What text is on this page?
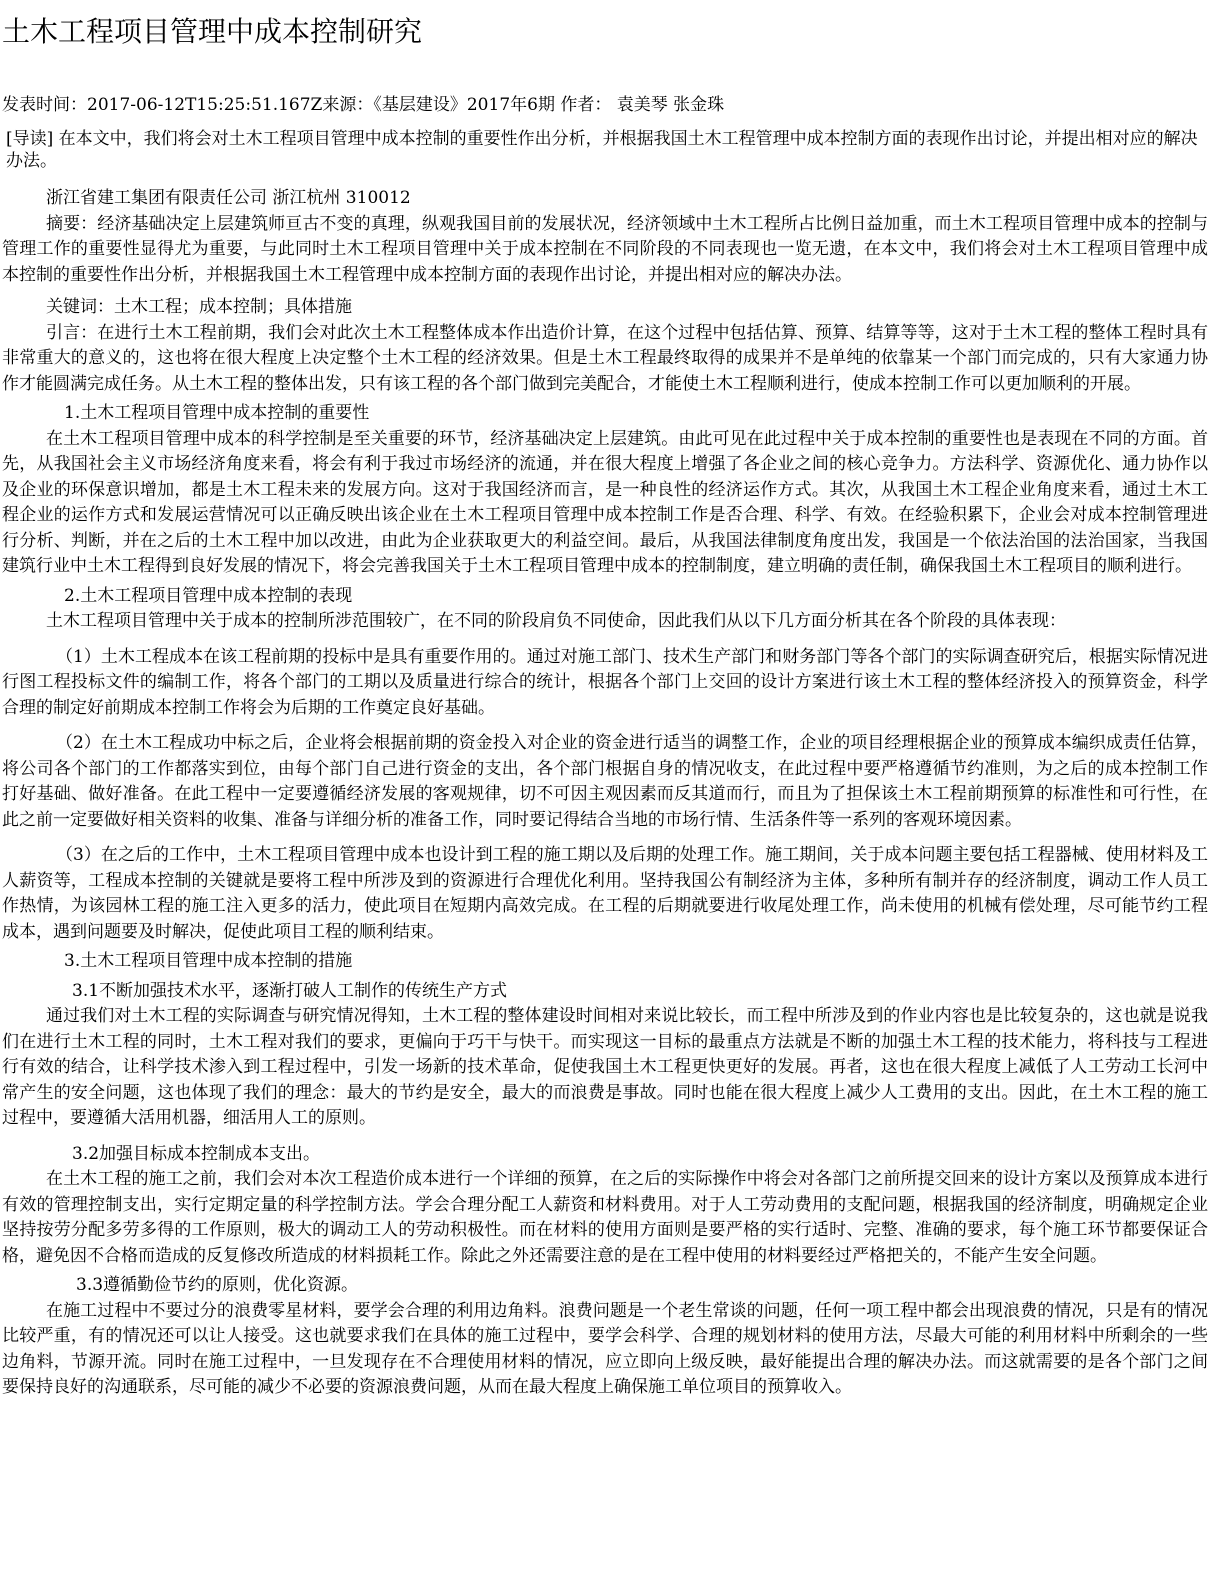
土木工程项目管理中成本控制研究
发表时间：2017-06-12T15:25:51.167Z来源：《基层建设》2017年6期 作者： 袁美琴 张金珠
[导读] 在本文中，我们将会对土木工程项目管理中成本控制的重要性作出分析，并根据我国土木工程管理中成本控制方面的表现作出讨论，并提出相对应的解决办法。

浙江省建工集团有限责任公司 浙江杭州 310012

摘要：经济基础决定上层建筑师亘古不变的真理，纵观我国目前的发展状况，经济领域中土木工程所占比例日益加重，而土木工程项目管理中成本的控制与管理工作的重要性显得尤为重要，与此同时土木工程项目管理中关于成本控制在不同阶段的不同表现也一览无遗，在本文中，我们将会对土木工程项目管理中成本控制的重要性作出分析，并根据我国土木工程管理中成本控制方面的表现作出讨论，并提出相对应的解决办法。

关键词：土木工程；成本控制；具体措施

引言：在进行土木工程前期，我们会对此次土木工程整体成本作出造价计算，在这个过程中包括估算、预算、结算等等，这对于土木工程的整体工程时具有非常重大的意义的，这也将在很大程度上决定整个土木工程的经济效果。但是土木工程最终取得的成果并不是单纯的依靠某一个部门而完成的，只有大家通力协作才能圆满完成任务。从土木工程的整体出发，只有该工程的各个部门做到完美配合，才能使土木工程顺利进行，使成本控制工作可以更加顺利的开展。

1.土木工程项目管理中成本控制的重要性

在土木工程项目管理中成本的科学控制是至关重要的环节，经济基础决定上层建筑。由此可见在此过程中关于成本控制的重要性也是表现在不同的方面。首先，从我国社会主义市场经济角度来看，将会有利于我过市场经济的流通，并在很大程度上增强了各企业之间的核心竞争力。方法科学、资源优化、通力协作以及企业的环保意识增加，都是土木工程未来的发展方向。这对于我国经济而言，是一种良性的经济运作方式。其次，从我国土木工程企业角度来看，通过土木工程企业的运作方式和发展运营情况可以正确反映出该企业在土木工程项目管理中成本控制工作是否合理、科学、有效。在经验积累下，企业会对成本控制管理进行分析、判断，并在之后的土木工程中加以改进，由此为企业获取更大的利益空间。最后，从我国法律制度角度出发，我国是一个依法治国的法治国家，当我国建筑行业中土木工程得到良好发展的情况下，将会完善我国关于土木工程项目管理中成本的控制制度，建立明确的责任制，确保我国土木工程项目的顺利进行。

2.土木工程项目管理中成本控制的表现

土木工程项目管理中关于成本的控制所涉范围较广，在不同的阶段肩负不同使命，因此我们从以下几方面分析其在各个阶段的具体表现：

（1）土木工程成本在该工程前期的投标中是具有重要作用的。通过对施工部门、技术生产部门和财务部门等各个部门的实际调查研究后，根据实际情况进行图工程投标文件的编制工作，将各个部门的工期以及质量进行综合的统计，根据各个部门上交回的设计方案进行该土木工程的整体经济投入的预算资金，科学合理的制定好前期成本控制工作将会为后期的工作奠定良好基础。

（2）在土木工程成功中标之后，企业将会根据前期的资金投入对企业的资金进行适当的调整工作，企业的项目经理根据企业的预算成本编织成责任估算，将公司各个部门的工作都落实到位，由每个部门自己进行资金的支出，各个部门根据自身的情况收支，在此过程中要严格遵循节约准则，为之后的成本控制工作打好基础、做好准备。在此工程中一定要遵循经济发展的客观规律，切不可因主观因素而反其道而行，而且为了担保该土木工程前期预算的标准性和可行性，在此之前一定要做好相关资料的收集、准备与详细分析的准备工作，同时要记得结合当地的市场行情、生活条件等一系列的客观环境因素。

（3）在之后的工作中，土木工程项目管理中成本也设计到工程的施工期以及后期的处理工作。施工期间，关于成本问题主要包括工程器械、使用材料及工人薪资等，工程成本控制的关键就是要将工程中所涉及到的资源进行合理优化利用。坚持我国公有制经济为主体，多种所有制并存的经济制度，调动工作人员工作热情，为该园林工程的施工注入更多的活力，使此项目在短期内高效完成。在工程的后期就要进行收尾处理工作，尚未使用的机械有偿处理，尽可能节约工程成本，遇到问题要及时解决，促使此项目工程的顺利结束。

3.土木工程项目管理中成本控制的措施
3.1不断加强技术水平，逐渐打破人工制作的传统生产方式

通过我们对土木工程的实际调查与研究情况得知，土木工程的整体建设时间相对来说比较长，而工程中所涉及到的作业内容也是比较复杂的，这也就是说我们在进行土木工程的同时，土木工程对我们的要求，更偏向于巧干与快干。而实现这一目标的最重点方法就是不断的加强土木工程的技术能力，将科技与工程进行有效的结合，让科学技术渗入到工程过程中，引发一场新的技术革命，促使我国土木工程更快更好的发展。再者，这也在很大程度上减低了人工劳动工长河中常产生的安全问题，这也体现了我们的理念：最大的节约是安全，最大的而浪费是事故。同时也能在很大程度上减少人工费用的支出。因此，在土木工程的施工过程中，要遵循大活用机器，细活用人工的原则。

3.2加强目标成本控制成本支出。

在土木工程的施工之前，我们会对本次工程造价成本进行一个详细的预算，在之后的实际操作中将会对各部门之前所提交回来的设计方案以及预算成本进行有效的管理控制支出，实行定期定量的科学控制方法。学会合理分配工人薪资和材料费用。对于人工劳动费用的支配问题，根据我国的经济制度，明确规定企业坚持按劳分配多劳多得的工作原则，极大的调动工人的劳动积极性。而在材料的使用方面则是要严格的实行适时、完整、准确的要求，每个施工环节都要保证合格，避免因不合格而造成的反复修改所造成的材料损耗工作。除此之外还需要注意的是在工程中使用的材料要经过严格把关的，不能产生安全问题。

3.3遵循勤俭节约的原则，优化资源。

在施工过程中不要过分的浪费零星材料，要学会合理的利用边角料。浪费问题是一个老生常谈的问题，任何一项工程中都会出现浪费的情况，只是有的情况比较严重，有的情况还可以让人接受。这也就要求我们在具体的施工过程中，要学会科学、合理的规划材料的使用方法，尽最大可能的利用材料中所剩余的一些边角料，节源开流。同时在施工过程中，一旦发现存在不合理使用材料的情况，应立即向上级反映，最好能提出合理的解决办法。而这就需要的是各个部门之间要保持良好的沟通联系，尽可能的减少不必要的资源浪费问题，从而在最大程度上确保施工单位项目的预算收入。
